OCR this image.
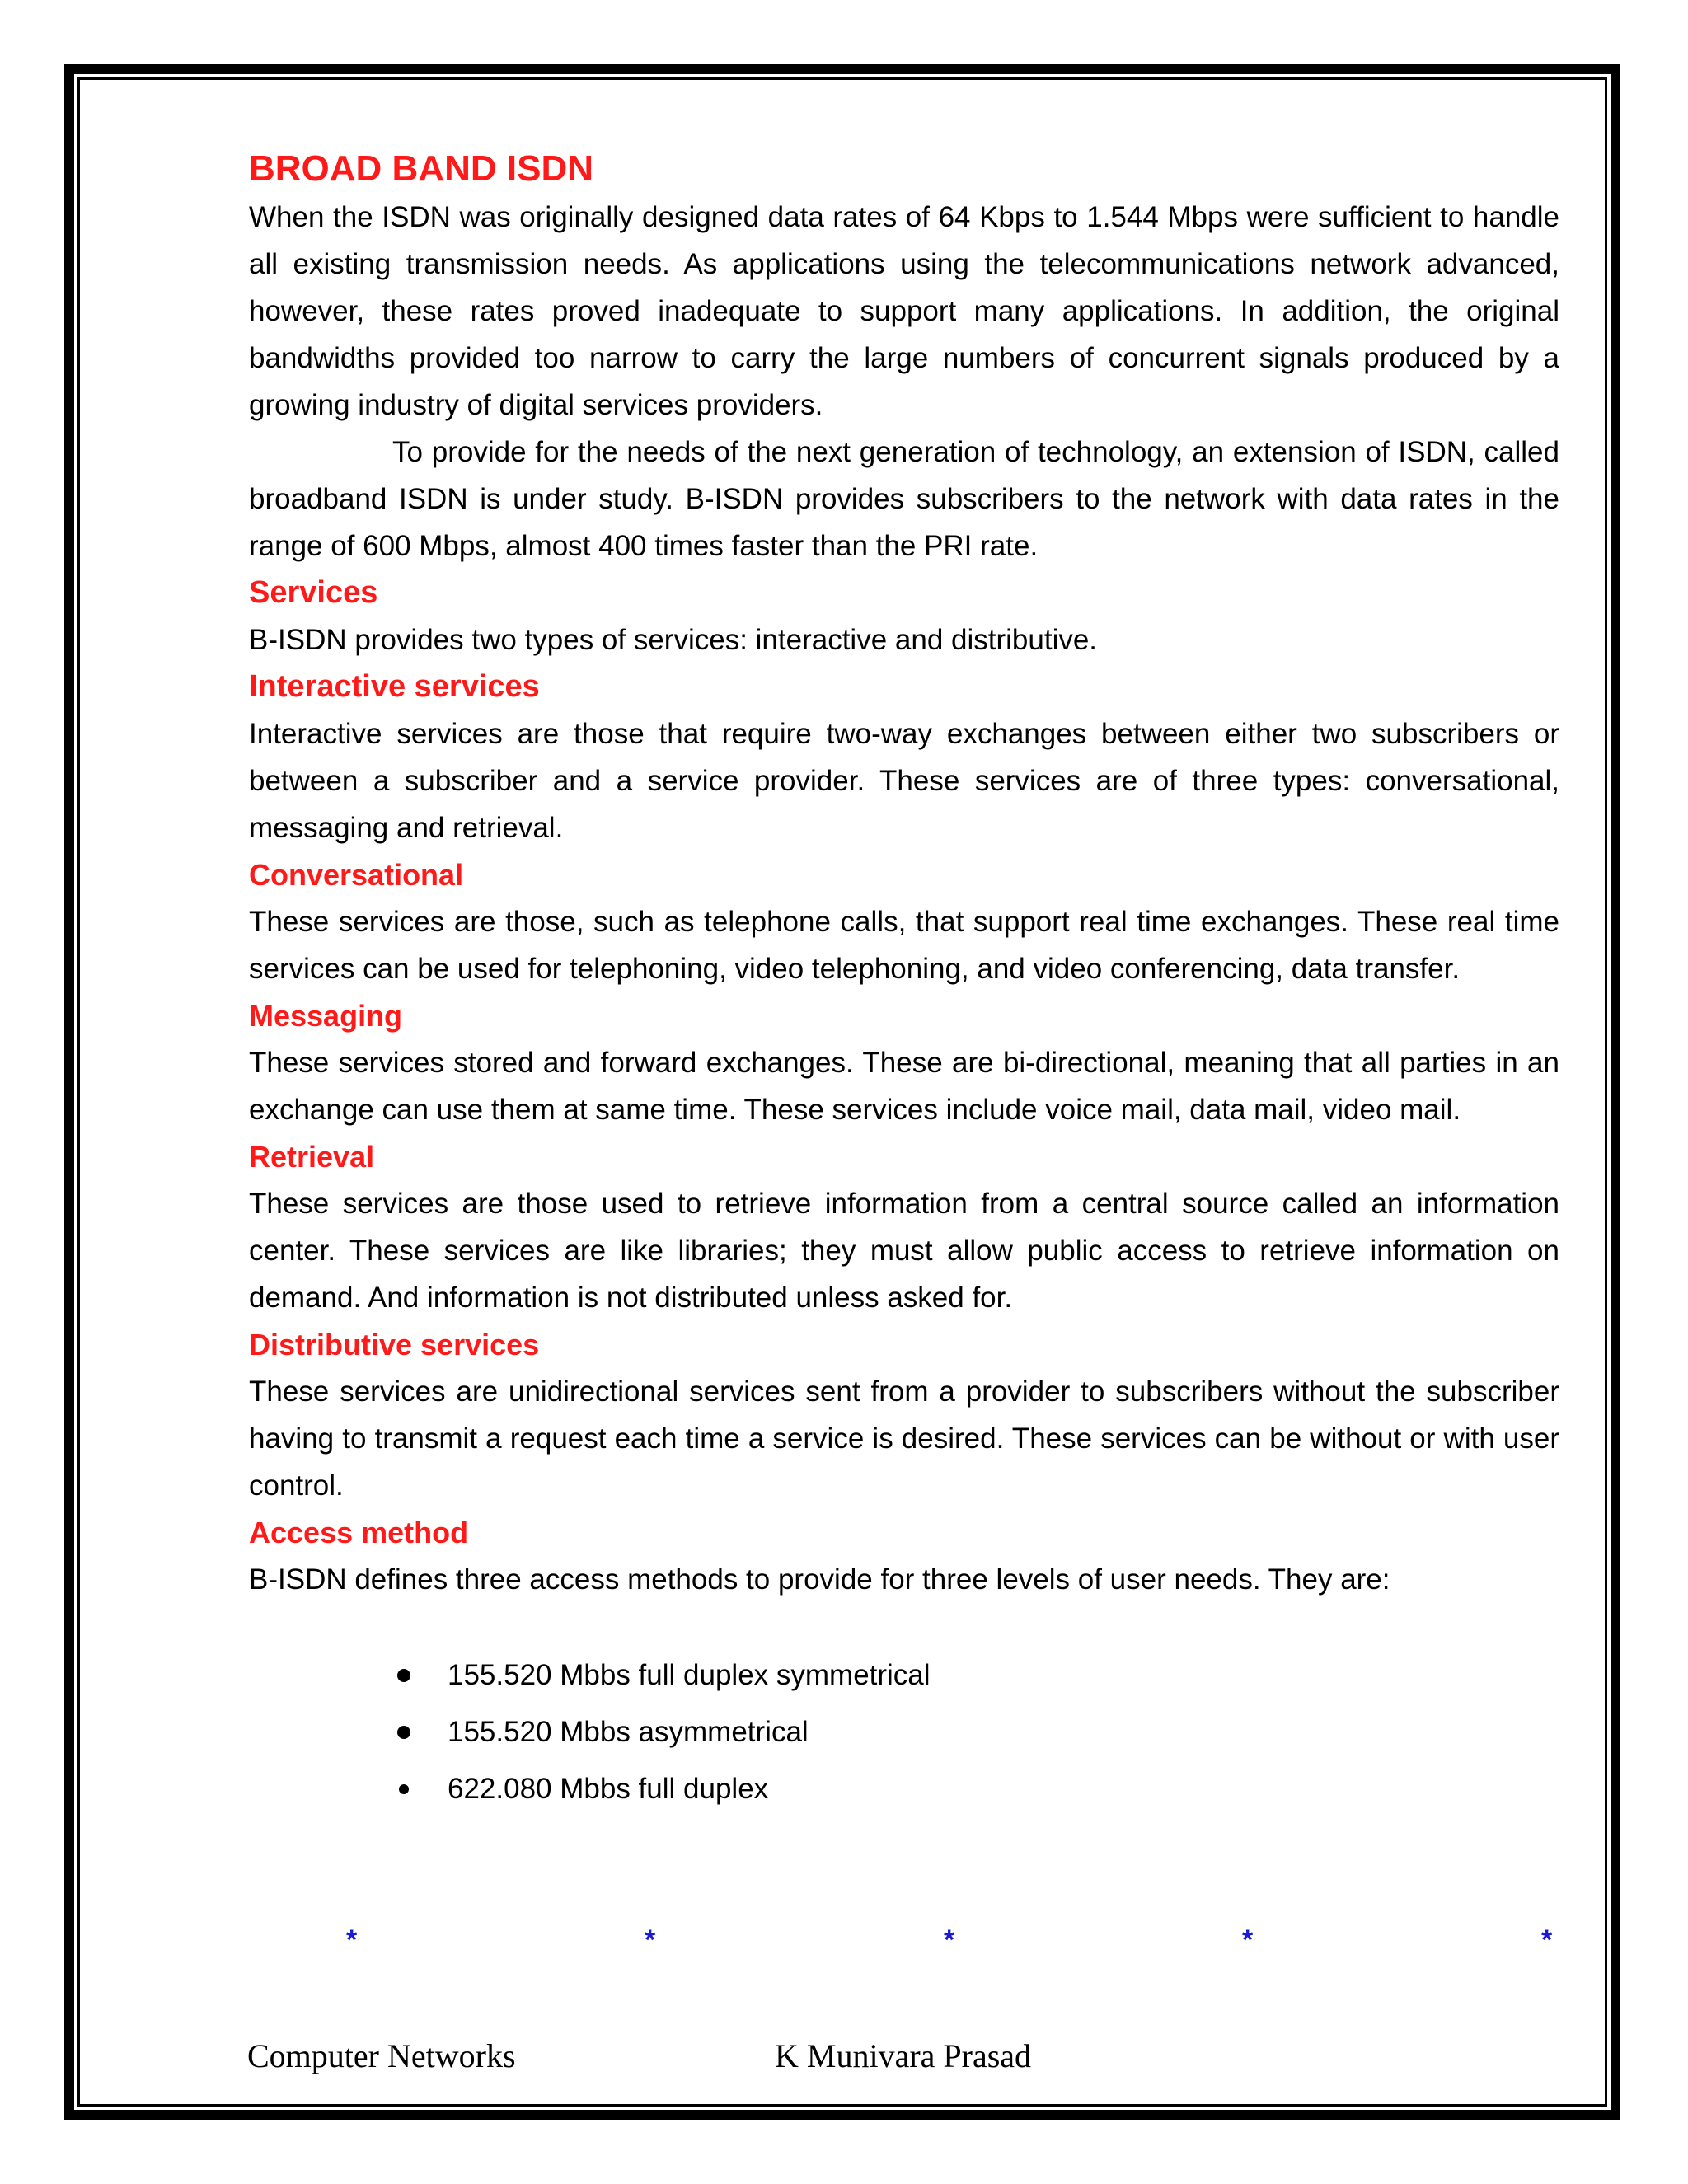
BROAD BAND ISDN

When the ISDN was originally designed data rates of 64 Kbps to 1.544 Mbps were sufficient to handle all existing transmission needs. As applications using the telecommunications network advanced, however, these rates proved inadequate to support many applications. In addition, the original bandwidths provided too narrow to carry the large numbers of concurrent signals produced by a growing industry of digital services providers.

To provide for the needs of the next generation of technology, an extension of ISDN, called broadband ISDN is under study. B-ISDN provides subscribers to the network with data rates in the range of 600 Mbps, almost 400 times faster than the PRI rate.

Services

B-ISDN provides two types of services: interactive and distributive.

Interactive services

Interactive services are those that require two-way exchanges between either two subscribers or between a subscriber and a service provider. These services are of three types: conversational, messaging and retrieval.

Conversational

These services are those, such as telephone calls, that support real time exchanges. These real time services can be used for telephoning, video telephoning, and video conferencing, data transfer.

Messaging

These services stored and forward exchanges. These are bi-directional, meaning that all parties in an exchange can use them at same time. These services include voice mail, data mail, video mail.

Retrieval

These services are those used to retrieve information from a central source called an information center. These services are like libraries; they must allow public access to retrieve information on demand. And information is not distributed unless asked for.

Distributive services

These services are unidirectional services sent from a provider to subscribers without the subscriber having to transmit a request each time a service is desired. These services can be without or with user control.

Access method

B-ISDN defines three access methods to provide for three levels of user needs. They are:

155.520 Mbbs full duplex symmetrical
155.520 Mbbs asymmetrical
622.080 Mbbs full duplex
*	*	*	*	*
Computer Networks	K Munivara Prasad
